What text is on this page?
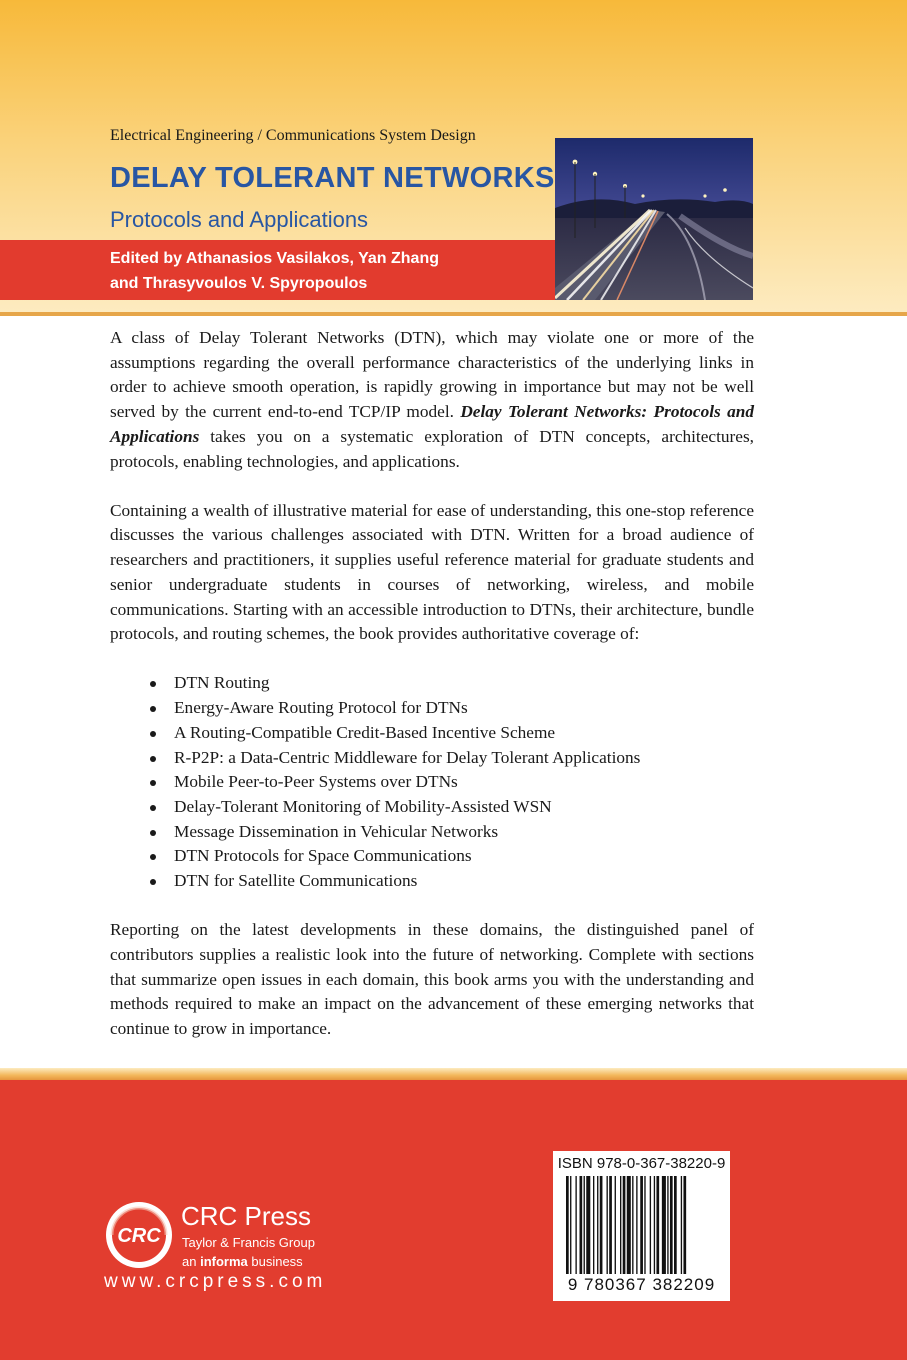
Electrical Engineering / Communications System Design
DELAY TOLERANT NETWORKS
Protocols and Applications
Edited by Athanasios Vasilakos, Yan Zhang
and Thrasyvoulos V. Spyropoulos

A class of Delay Tolerant Networks (DTN), which may violate one or more of the assumptions regarding the overall performance characteristics of the underlying links in order to achieve smooth operation, is rapidly growing in importance but may not be well served by the current end-to-end TCP/IP model. Delay Tolerant Networks: Protocols and Applications takes you on a systematic exploration of DTN concepts, architectures, protocols, enabling technologies, and applications.

Containing a wealth of illustrative material for ease of understanding, this one-stop reference discusses the various challenges associated with DTN. Written for a broad audience of researchers and practitioners, it supplies useful reference material for graduate students and senior undergraduate students in courses of networking, wireless, and mobile communications. Starting with an accessible introduction to DTNs, their architecture, bundle protocols, and routing schemes, the book provides authoritative coverage of:

DTN Routing
Energy-Aware Routing Protocol for DTNs
A Routing-Compatible Credit-Based Incentive Scheme
R-P2P: a Data-Centric Middleware for Delay Tolerant Applications
Mobile Peer-to-Peer Systems over DTNs
Delay-Tolerant Monitoring of Mobility-Assisted WSN
Message Dissemination in Vehicular Networks
DTN Protocols for Space Communications
DTN for Satellite Communications

Reporting on the latest developments in these domains, the distinguished panel of contributors supplies a realistic look into the future of networking. Complete with sections that summarize open issues in each domain, this book arms you with the understanding and methods required to make an impact on the advancement of these emerging networks that continue to grow in importance.

CRC
CRC Press
Taylor & Francis Group
an informa business
www.crcpress.com
ISBN 978-0-367-38220-9
9 780367 382209
